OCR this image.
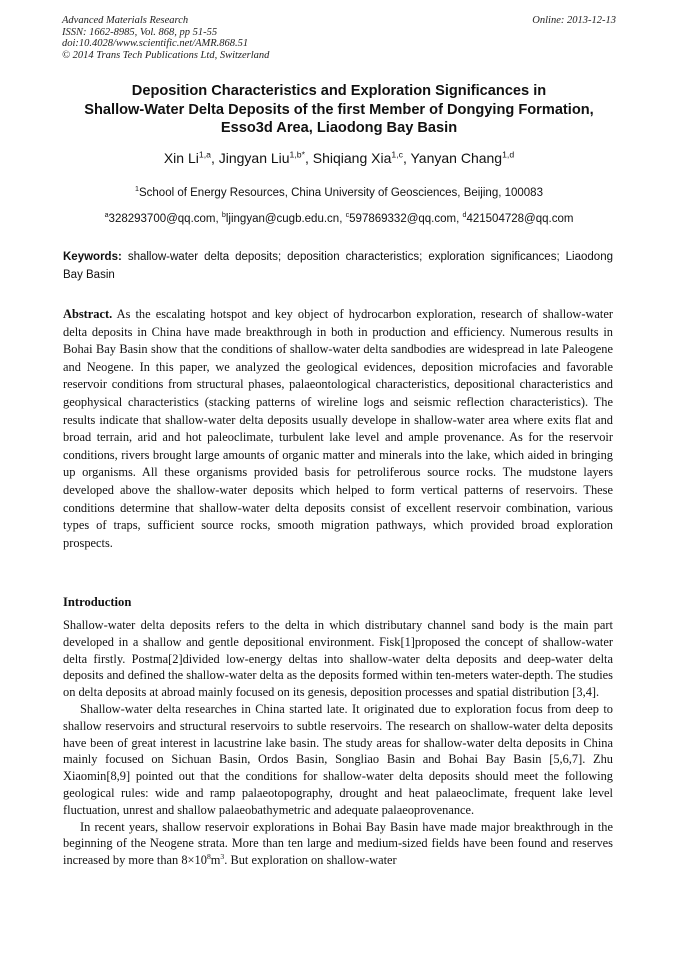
Advanced Materials Research
ISSN: 1662-8985, Vol. 868, pp 51-55
doi:10.4028/www.scientific.net/AMR.868.51
© 2014 Trans Tech Publications Ltd, Switzerland
Online: 2013-12-13
Deposition Characteristics and Exploration Significances in
Shallow-Water Delta Deposits of the first Member of Dongying Formation,
Esso3d Area, Liaodong Bay Basin
Xin Li$^{1,a}$, Jingyan Liu$^{1,b*}$, Shiqiang Xia$^{1,c}$, Yanyan Chang$^{1,d}$
$^1$School of Energy Resources, China University of Geosciences, Beijing, 100083
$^a$328293700@qq.com, $^b$ljingyan@cugb.edu.cn, $^c$597869332@qq.com, $^d$421504728@qq.com
Keywords: shallow-water delta deposits; deposition characteristics; exploration significances; Liaodong Bay Basin
Abstract. As the escalating hotspot and key object of hydrocarbon exploration, research of shallow-water delta deposits in China have made breakthrough in both in production and efficiency. Numerous results in Bohai Bay Basin show that the conditions of shallow-water delta sandbodies are widespread in late Paleogene and Neogene. In this paper, we analyzed the geological evidences, deposition microfacies and favorable reservoir conditions from structural phases, palaeontological characteristics, depositional characteristics and geophysical characteristics (stacking patterns of wireline logs and seismic reflection characteristics). The results indicate that shallow-water delta deposits usually develope in shallow-water area where exits flat and broad terrain, arid and hot paleoclimate, turbulent lake level and ample provenance. As for the reservoir conditions, rivers brought large amounts of organic matter and minerals into the lake, which aided in bringing up organisms. All these organisms provided basis for petroliferous source rocks. The mudstone layers developed above the shallow-water deposits which helped to form vertical patterns of reservoirs. These conditions determine that shallow-water delta deposits consist of excellent reservoir combination, various types of traps, sufficient source rocks, smooth migration pathways, which provided broad exploration prospects.
Introduction

Shallow-water delta deposits refers to the delta in which distributary channel sand body is the main part developed in a shallow and gentle depositional environment. Fisk[1]proposed the concept of shallow-water delta firstly. Postma[2]divided low-energy deltas into shallow-water delta deposits and deep-water delta deposits and defined the shallow-water delta as the deposits formed within ten-meters water-depth. The studies on delta deposits at abroad mainly focused on its genesis, deposition processes and spatial distribution [3,4].

Shallow-water delta researches in China started late. It originated due to exploration focus from deep to shallow reservoirs and structural reservoirs to subtle reservoirs. The research on shallow-water delta deposits have been of great interest in lacustrine lake basin. The study areas for shallow-water delta deposits in China mainly focused on Sichuan Basin, Ordos Basin, Songliao Basin and Bohai Bay Basin [5,6,7]. Zhu Xiaomin[8,9] pointed out that the conditions for shallow-water delta deposits should meet the following geological rules: wide and ramp palaeotopography, drought and heat palaeoclimate, frequent lake level fluctuation, unrest and shallow palaeobathymetric and adequate palaeoprovenance.

In recent years, shallow reservoir explorations in Bohai Bay Basin have made major breakthrough in the beginning of the Neogene strata. More than ten large and medium-sized fields have been found and reserves increased by more than $8\times 10^8m^3$. But exploration on shallow-water
